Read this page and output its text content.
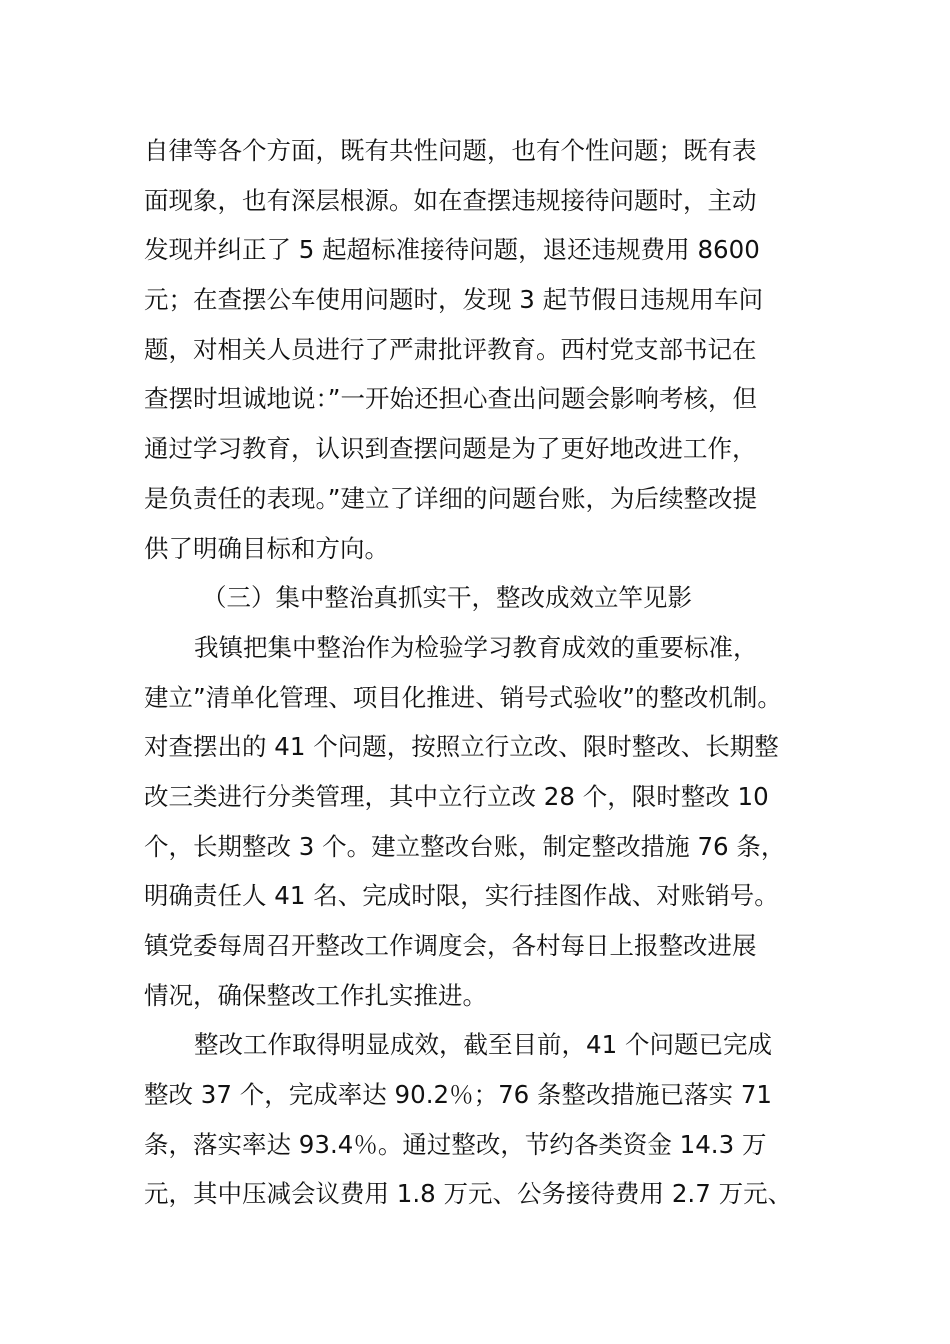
自律等各个方面，既有共性问题，也有个性问题；既有表
面现象，也有深层根源。如在查摆违规接待问题时，主动
发现并纠正了 5 起超标准接待问题，退还违规费用 8600
元；在查摆公车使用问题时，发现 3 起节假日违规用车问
题，对相关人员进行了严肃批评教育。西村党支部书记在
查摆时坦诚地说：”一开始还担心查出问题会影响考核，但
通过学习教育，认识到查摆问题是为了更好地改进工作，
是负责任的表现。”建立了详细的问题台账，为后续整改提
供了明确目标和方向。
（三）集中整治真抓实干，整改成效立竿见影
我镇把集中整治作为检验学习教育成效的重要标准，
建立”清单化管理、项目化推进、销号式验收”的整改机制。
对查摆出的 41 个问题，按照立行立改、限时整改、长期整
改三类进行分类管理，其中立行立改 28 个，限时整改 10
个，长期整改 3 个。建立整改台账，制定整改措施 76 条，
明确责任人 41 名、完成时限，实行挂图作战、对账销号。
镇党委每周召开整改工作调度会，各村每日上报整改进展
情况，确保整改工作扎实推进。
整改工作取得明显成效，截至目前，41 个问题已完成
整改 37 个，完成率达 90.2％；76 条整改措施已落实 71
条，落实率达 93.4％。通过整改，节约各类资金 14.3 万
元，其中压减会议费用 1.8 万元、公务接待费用 2.7 万元、
